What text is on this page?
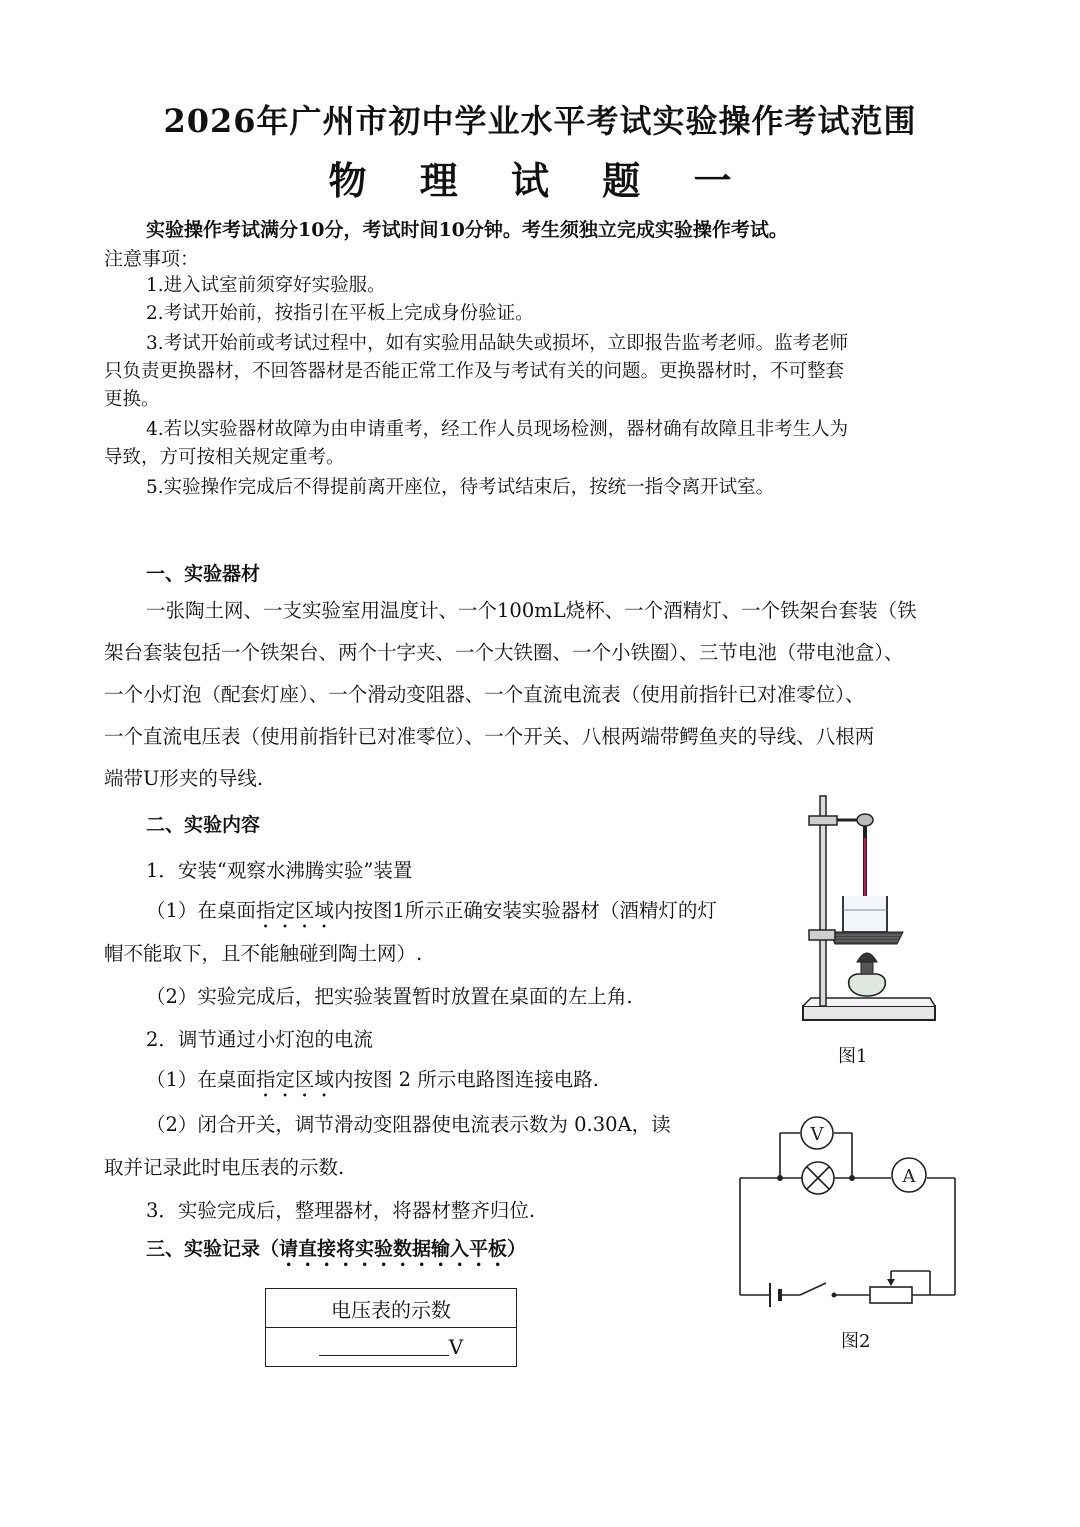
2026年广州市初中学业水平考试实验操作考试范围
物 理 试 题 一
实验操作考试满分10分，考试时间10分钟。考生须独立完成实验操作考试。
注意事项：
1.进入试室前须穿好实验服。
2.考试开始前，按指引在平板上完成身份验证。
3.考试开始前或考试过程中，如有实验用品缺失或损坏，立即报告监考老师。监考老师
只负责更换器材，不回答器材是否能正常工作及与考试有关的问题。更换器材时，不可整套
更换。
4.若以实验器材故障为由申请重考，经工作人员现场检测，器材确有故障且非考生人为
导致，方可按相关规定重考。
5.实验操作完成后不得提前离开座位，待考试结束后，按统一指令离开试室。
一、实验器材
一张陶土网、一支实验室用温度计、一个100mL烧杯、一个酒精灯、一个铁架台套装（铁
架台套装包括一个铁架台、两个十字夹、一个大铁圈、一个小铁圈）、三节电池（带电池盒）、
一个小灯泡（配套灯座）、一个滑动变阻器、一个直流电流表（使用前指针已对准零位）、
一个直流电压表（使用前指针已对准零位）、一个开关、八根两端带鳄鱼夹的导线、八根两
端带U形夹的导线.
二、实验内容
1．安装“观察水沸腾实验”装置
（1）在桌面指定区域内按图1所示正确安装实验器材（酒精灯的灯
帽不能取下，且不能触碰到陶土网）.
（2）实验完成后，把实验装置暂时放置在桌面的左上角.
2．调节通过小灯泡的电流
（1）在桌面指定区域内按图 2 所示电路图连接电路.
（2）闭合开关，调节滑动变阻器使电流表示数为 0.30A，读
取并记录此时电压表的示数.
3．实验完成后，整理器材，将器材整齐归位.
三、实验记录（请直接将实验数据输入平板）
电压表的示数
V
图1
V
A
图2
